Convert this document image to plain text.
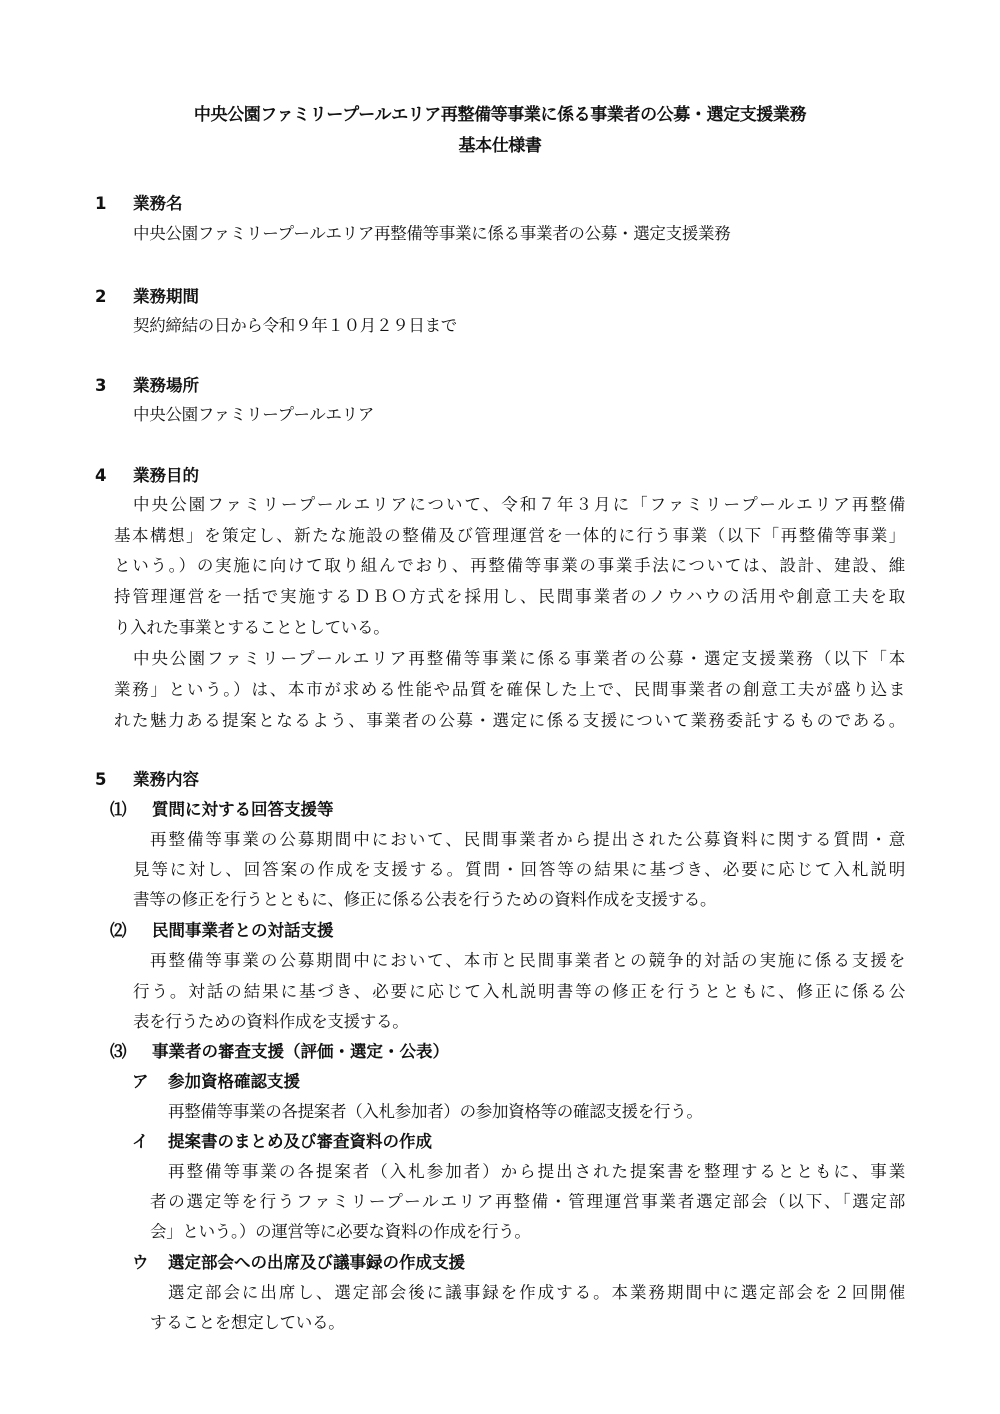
中央公園ファミリープールエリア再整備等事業に係る事業者の公募・選定支援業務
基本仕様書
1 業務名
中央公園ファミリープールエリア再整備等事業に係る事業者の公募・選定支援業務
2 業務期間
契約締結の日から令和９年１０月２９日まで
3 業務場所
中央公園ファミリープールエリア
4 業務目的
中央公園ファミリープールエリアについて、令和７年３月に「ファミリープールエリア再整備
基本構想」を策定し、新たな施設の整備及び管理運営を一体的に行う事業（以下「再整備等事業」
という。）の実施に向けて取り組んでおり、再整備等事業の事業手法については、設計、建設、維
持管理運営を一括で実施するＤＢＯ方式を採用し、民間事業者のノウハウの活用や創意工夫を取
り入れた事業とすることとしている。
中央公園ファミリープールエリア再整備等事業に係る事業者の公募・選定支援業務（以下「本
業務」という。）は、本市が求める性能や品質を確保した上で、民間事業者の創意工夫が盛り込ま
れた魅力ある提案となるよう、事業者の公募・選定に係る支援について業務委託するものである。
5 業務内容
⑴ 質問に対する回答支援等
再整備等事業の公募期間中において、民間事業者から提出された公募資料に関する質問・意
見等に対し、回答案の作成を支援する。質問・回答等の結果に基づき、必要に応じて入札説明
書等の修正を行うとともに、修正に係る公表を行うための資料作成を支援する。
⑵ 民間事業者との対話支援
再整備等事業の公募期間中において、本市と民間事業者との競争的対話の実施に係る支援を
行う。対話の結果に基づき、必要に応じて入札説明書等の修正を行うとともに、修正に係る公
表を行うための資料作成を支援する。
⑶ 事業者の審査支援（評価・選定・公表）
ア 参加資格確認支援
再整備等事業の各提案者（入札参加者）の参加資格等の確認支援を行う。
イ 提案書のまとめ及び審査資料の作成
再整備等事業の各提案者（入札参加者）から提出された提案書を整理するとともに、事業
者の選定等を行うファミリープールエリア再整備・管理運営事業者選定部会（以下、「選定部
会」という。）の運営等に必要な資料の作成を行う。
ウ 選定部会への出席及び議事録の作成支援
選定部会に出席し、選定部会後に議事録を作成する。本業務期間中に選定部会を２回開催
することを想定している。
